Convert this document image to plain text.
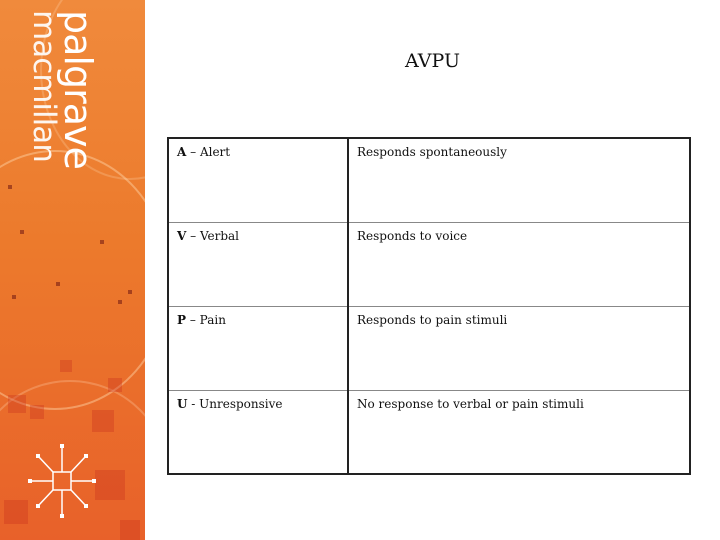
palgrave
macmillan	AVPU
A – Alert	Responds spontaneously
V – Verbal	Responds to voice
P – Pain	Responds to pain stimuli
U - Unresponsive	No response to verbal or pain stimuli
